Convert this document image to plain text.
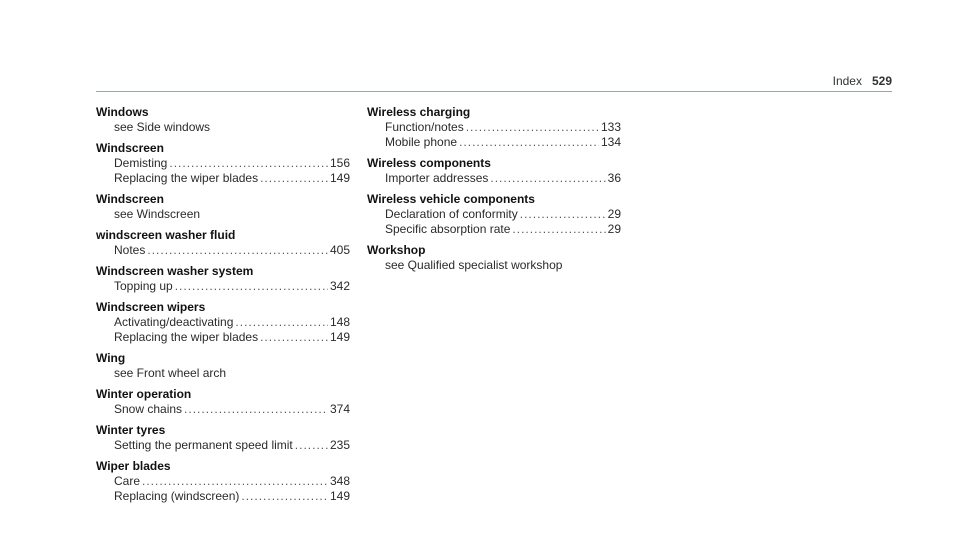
Index 529
Windows
see Side windows
Windscreen
Demisting .....	156
Replacing the wiper blades .....	149
Windscreen
see Windscreen
windscreen washer fluid
Notes .....	405
Windscreen washer system
Topping up .....	342
Windscreen wipers
Activating/deactivating .....	148
Replacing the wiper blades .....	149
Wing
see Front wheel arch
Winter operation
Snow chains .....	374
Winter tyres
Setting the permanent speed limit .....	235
Wiper blades
Care .....	348
Replacing (windscreen) .....	149
Wireless charging
Function/notes .....	133
Mobile phone .....	134
Wireless components
Importer addresses .....	36
Wireless vehicle components
Declaration of conformity .....	29
Specific absorption rate .....	29
Workshop
see Qualified specialist workshop
